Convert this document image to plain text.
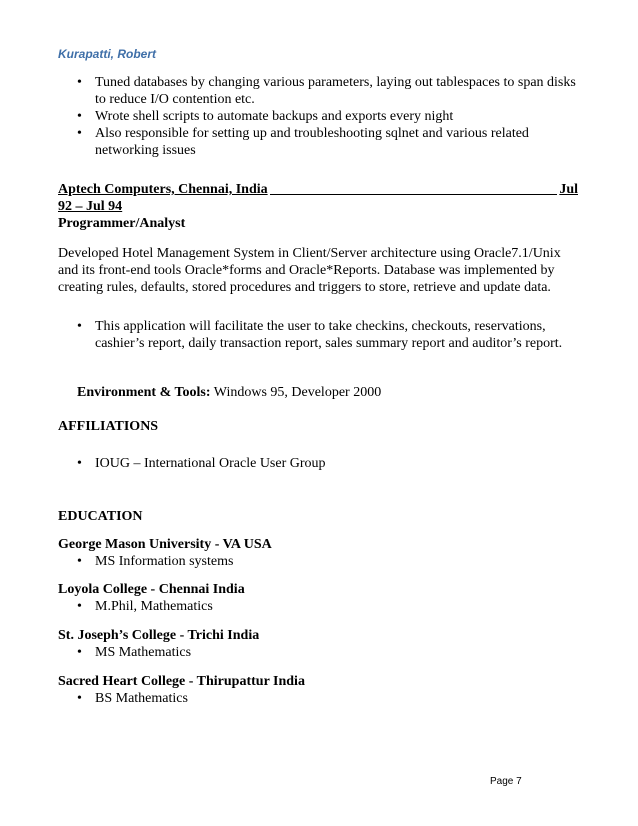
Kurapatti, Robert
• Tuned databases by changing various parameters, laying out tablespaces to span disks to reduce I/O contention etc.
• Wrote shell scripts to automate backups and exports every night
• Also responsible for setting up and troubleshooting sqlnet and various related networking issues
Aptech Computers, Chennai, India	Jul
92 – Jul 94
Programmer/Analyst
Developed Hotel Management System in Client/Server architecture using Oracle7.1/Unix and its front-end tools Oracle*forms and Oracle*Reports. Database was implemented by creating rules, defaults, stored procedures and triggers to store, retrieve and update data.
• This application will facilitate the user to take checkins, checkouts, reservations, cashier’s report, daily transaction report, sales summary report and auditor’s report.
Environment & Tools: Windows 95, Developer 2000
AFFILIATIONS
• IOUG – International Oracle User Group
EDUCATION
George Mason University - VA USA
• MS Information systems
Loyola College - Chennai India
• M.Phil, Mathematics
St. Joseph’s College - Trichi India
• MS Mathematics
Sacred Heart College - Thirupattur India
• BS Mathematics
Page 7
